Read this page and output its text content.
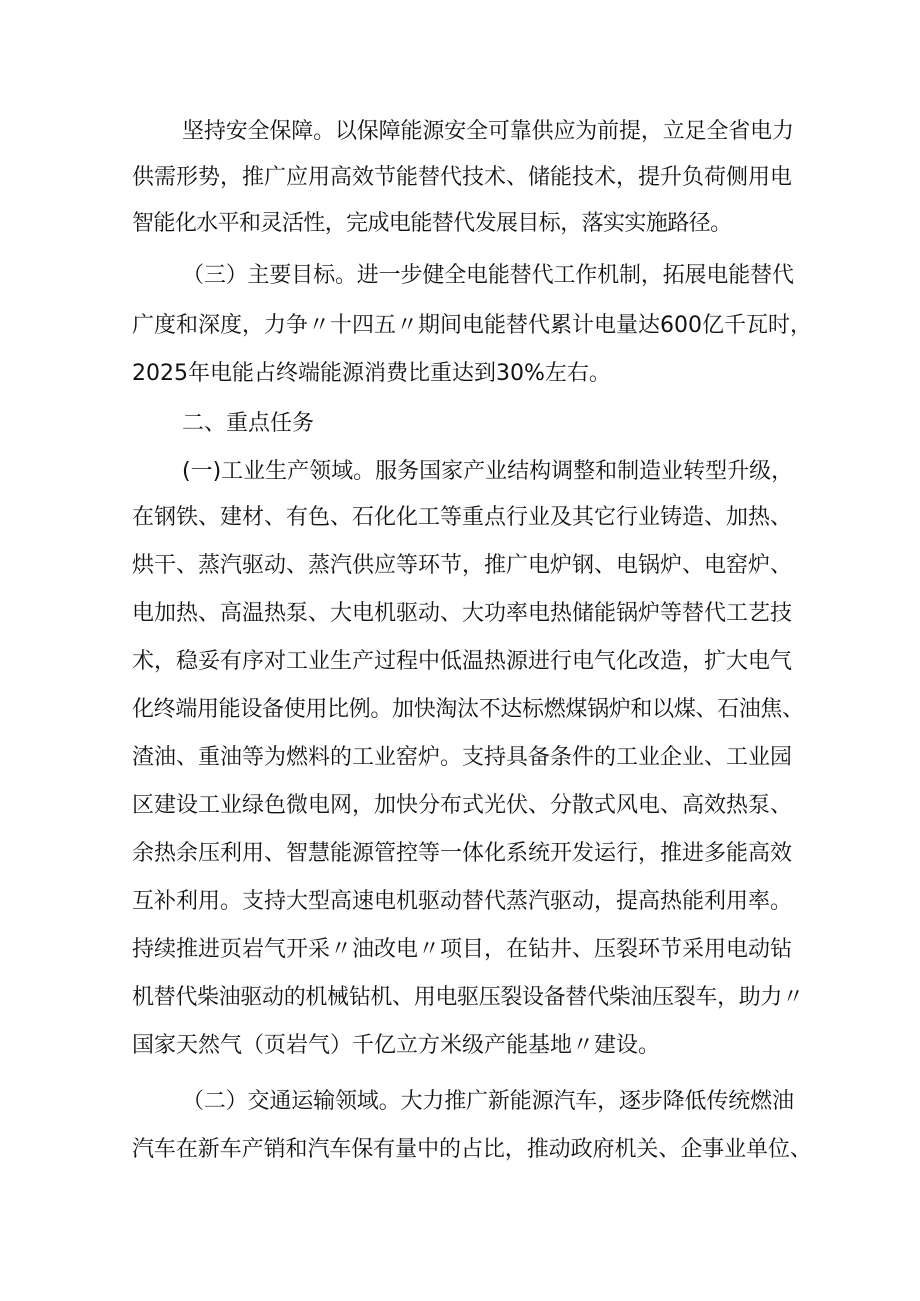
坚持安全保障。以保障能源安全可靠供应为前提，立足全省电力
供需形势，推广应用高效节能替代技术、储能技术，提升负荷侧用电
智能化水平和灵活性，完成电能替代发展目标，落实实施路径。
（三）主要目标。进一步健全电能替代工作机制，拓展电能替代
广度和深度，力争〃十四五〃期间电能替代累计电量达600亿千瓦时，
2025年电能占终端能源消费比重达到30%左右。
二、重点任务
(一)工业生产领域。服务国家产业结构调整和制造业转型升级，
在钢铁、建材、有色、石化化工等重点行业及其它行业铸造、加热、
烘干、蒸汽驱动、蒸汽供应等环节，推广电炉钢、电锅炉、电窑炉、
电加热、高温热泵、大电机驱动、大功率电热储能锅炉等替代工艺技
术，稳妥有序对工业生产过程中低温热源进行电气化改造，扩大电气
化终端用能设备使用比例。加快淘汰不达标燃煤锅炉和以煤、石油焦、
渣油、重油等为燃料的工业窑炉。支持具备条件的工业企业、工业园
区建设工业绿色微电网，加快分布式光伏、分散式风电、高效热泵、
余热余压利用、智慧能源管控等一体化系统开发运行，推进多能高效
互补利用。支持大型高速电机驱动替代蒸汽驱动，提高热能利用率。
持续推进页岩气开采〃油改电〃项目，在钻井、压裂环节采用电动钻
机替代柴油驱动的机械钻机、用电驱压裂设备替代柴油压裂车，助力〃
国家天然气（页岩气）千亿立方米级产能基地〃建设。
（二）交通运输领域。大力推广新能源汽车，逐步降低传统燃油
汽车在新车产销和汽车保有量中的占比，推动政府机关、企事业单位、
